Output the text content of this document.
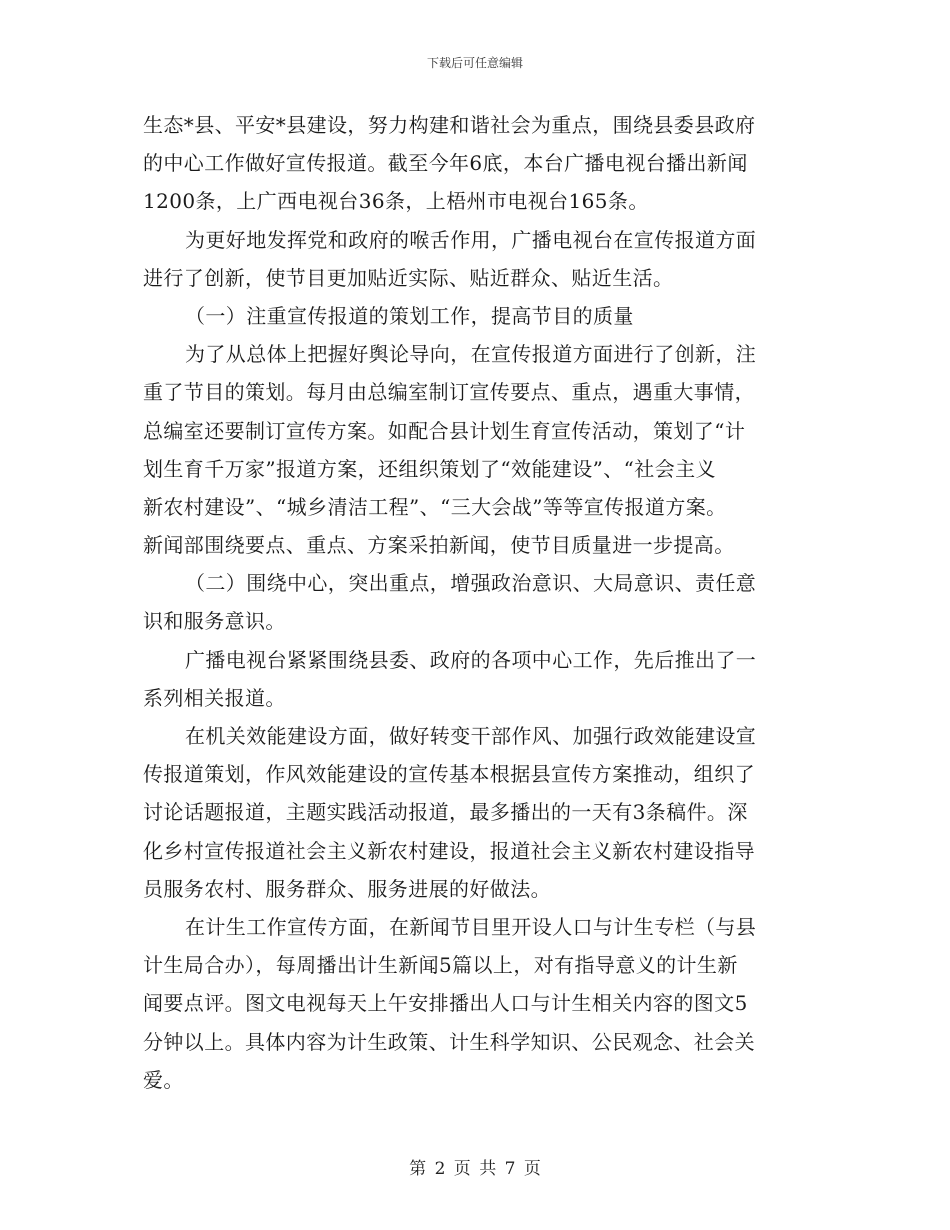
下载后可任意编辑
生态*县、平安*县建设，努力构建和谐社会为重点，围绕县委县政府
的中心工作做好宣传报道。截至今年6底，本台广播电视台播出新闻
1200条，上广西电视台36条，上梧州市电视台165条。
为更好地发挥党和政府的喉舌作用，广播电视台在宣传报道方面
进行了创新，使节目更加贴近实际、贴近群众、贴近生活。
（一）注重宣传报道的策划工作，提高节目的质量
为了从总体上把握好舆论导向，在宣传报道方面进行了创新，注
重了节目的策划。每月由总编室制订宣传要点、重点，遇重大事情，
总编室还要制订宣传方案。如配合县计划生育宣传活动，策划了“计
划生育千万家”报道方案，还组织策划了“效能建设”、“社会主义
新农村建设”、“城乡清洁工程”、“三大会战”等等宣传报道方案。
新闻部围绕要点、重点、方案采拍新闻，使节目质量进一步提高。
（二）围绕中心，突出重点，增强政治意识、大局意识、责任意
识和服务意识。
广播电视台紧紧围绕县委、政府的各项中心工作，先后推出了一
系列相关报道。
在机关效能建设方面，做好转变干部作风、加强行政效能建设宣
传报道策划，作风效能建设的宣传基本根据县宣传方案推动，组织了
讨论话题报道，主题实践活动报道，最多播出的一天有3条稿件。深
化乡村宣传报道社会主义新农村建设，报道社会主义新农村建设指导
员服务农村、服务群众、服务进展的好做法。
在计生工作宣传方面，在新闻节目里开设人口与计生专栏（与县
计生局合办），每周播出计生新闻5篇以上，对有指导意义的计生新
闻要点评。图文电视每天上午安排播出人口与计生相关内容的图文5
分钟以上。具体内容为计生政策、计生科学知识、公民观念、社会关
爱。
第 2 页 共 7 页
